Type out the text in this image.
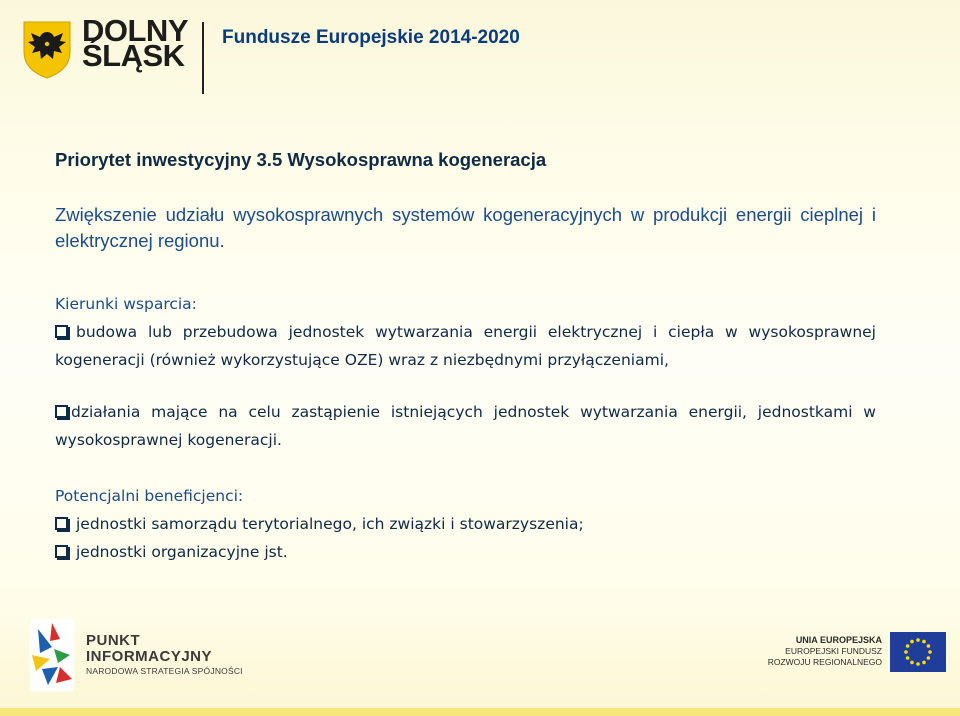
DOLNY
ŚLĄSK
Fundusze Europejskie 2014-2020

Priorytet inwestycyjny 3.5 Wysokosprawna kogeneracja

Zwiększenie udziału wysokosprawnych systemów kogeneracyjnych w produkcji energii cieplnej i elektrycznej regionu.

Kierunki wsparcia:

budowa lub przebudowa jednostek wytwarzania energii elektrycznej i ciepła w wysokosprawnej kogeneracji (również wykorzystujące OZE) wraz z niezbędnymi przyłączeniami,

działania mające na celu zastąpienie istniejących jednostek wytwarzania energii, jednostkami w wysokosprawnej kogeneracji.

Potencjalni beneficjenci:

jednostki samorządu terytorialnego, ich związki i stowarzyszenia;

jednostki organizacyjne jst.

PUNKT
INFORMACYJNY
NARODOWA STRATEGIA SPÓJNOŚCI
UNIA EUROPEJSKA
EUROPEJSKI FUNDUSZ
ROZWOJU REGIONALNEGO
